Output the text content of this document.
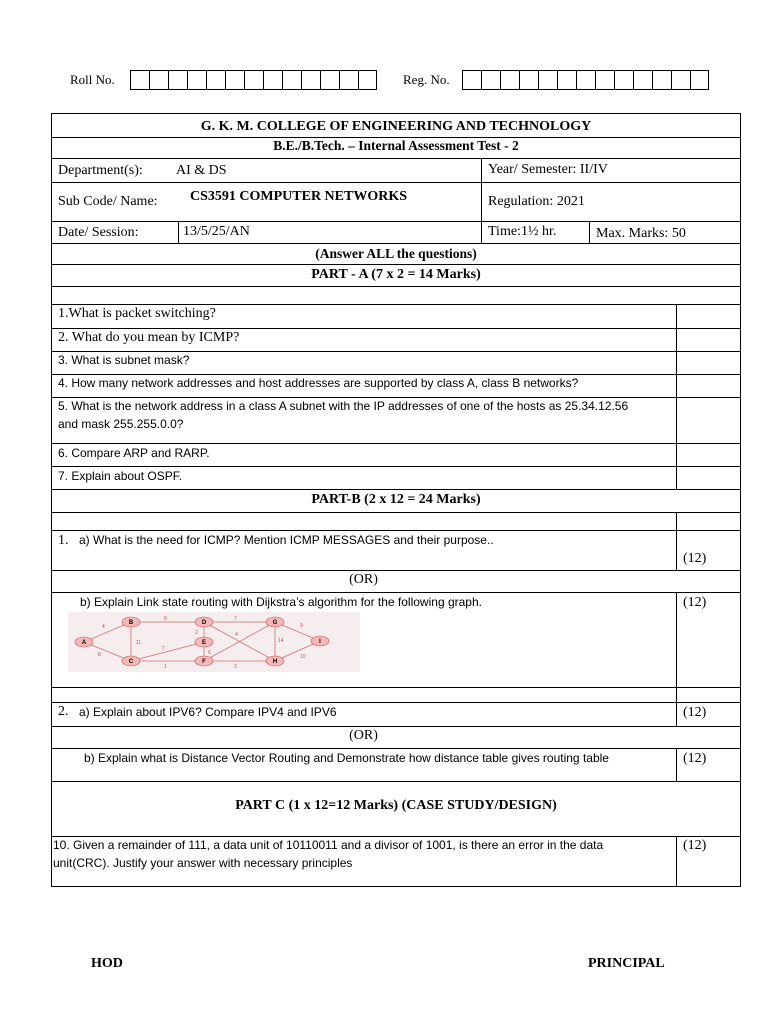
Roll No.	Reg. No.
G. K. M. COLLEGE OF ENGINEERING AND TECHNOLOGY
B.E./B.Tech. – Internal Assessment Test - 2
Department(s): AI & DS	Year/ Semester: II/IV
Sub Code/ Name: CS3591 COMPUTER NETWORKS	Regulation: 2021
Date/ Session:	13/5/25/AN	Time:1½ hr.	Max. Marks: 50
(Answer ALL the questions)
PART - A (7 x 2 = 14 Marks)
1.What is packet switching?
2. What do you mean by ICMP?
3. What is subnet mask?
4. How many network addresses and host addresses are supported by class A, class B networks?
5. What is the network address in a class A subnet with the IP addresses of one of the hosts as 25.34.12.56
and mask 255.255.0.0?
6. Compare ARP and RARP.
7. Explain about OSPF.
PART-B (2 x 12 = 24 Marks)
1. a) What is the need for ICMP? Mention ICMP MESSAGES and their purpose..
(12)
(OR)
b) Explain Link state routing with Dijkstra’s algorithm for the following graph.	(12)
4
8
11
8
2
7
4
6
1	2
7
14
9
10
A
B
C
D
E
F
G
H
I
2. a) Explain about IPV6? Compare IPV4 and IPV6	(12)
(OR)
b) Explain what is Distance Vector Routing and Demonstrate how distance table gives routing table	(12)
PART C (1 x 12=12 Marks) (CASE STUDY/DESIGN)
10. Given a remainder of 111, a data unit of 10110011 and a divisor of 1001, is there an error in the data
unit(CRC). Justify your answer with necessary principles
(12)
HOD	PRINCIPAL
